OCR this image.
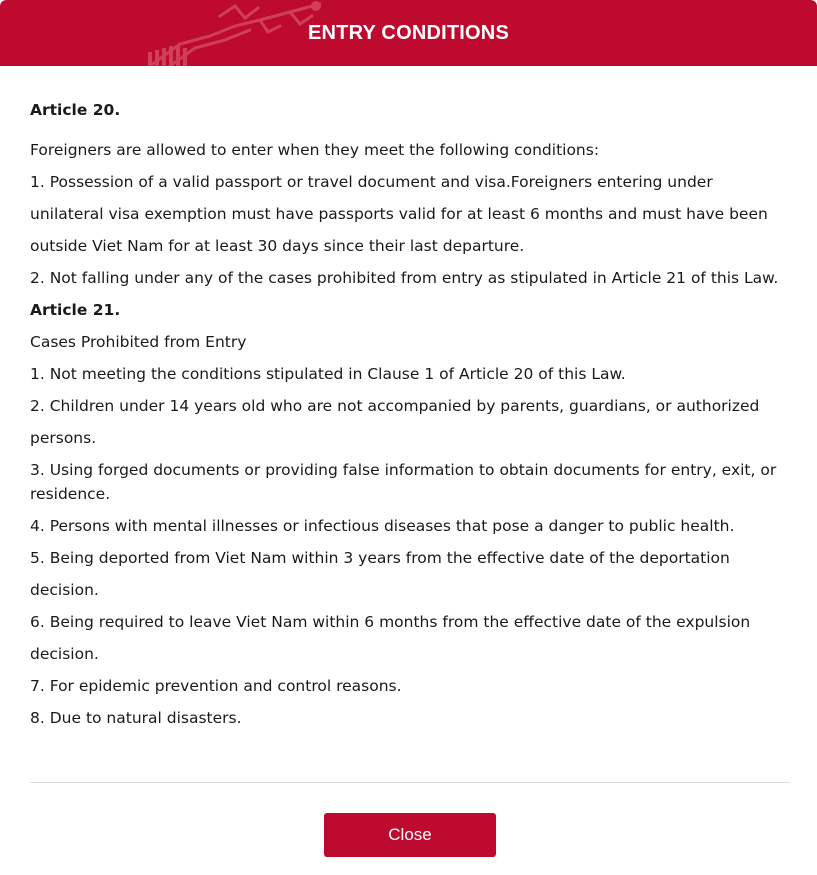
ENTRY CONDITIONS

Article 20.

Foreigners are allowed to enter when they meet the following conditions:

1. Possession of a valid passport or travel document and visa.Foreigners entering under unilateral visa exemption must have passports valid for at least 6 months and must have been outside Viet Nam for at least 30 days since their last departure.

2. Not falling under any of the cases prohibited from entry as stipulated in Article 21 of this Law.

Article 21.

Cases Prohibited from Entry

1. Not meeting the conditions stipulated in Clause 1 of Article 20 of this Law.

2. Children under 14 years old who are not accompanied by parents, guardians, or authorized persons.

3. Using forged documents or providing false information to obtain documents for entry, exit, or residence.

4. Persons with mental illnesses or infectious diseases that pose a danger to public health.

5. Being deported from Viet Nam within 3 years from the effective date of the deportation decision.

6. Being required to leave Viet Nam within 6 months from the effective date of the expulsion decision.

7. For epidemic prevention and control reasons.

8. Due to natural disasters.

Close
